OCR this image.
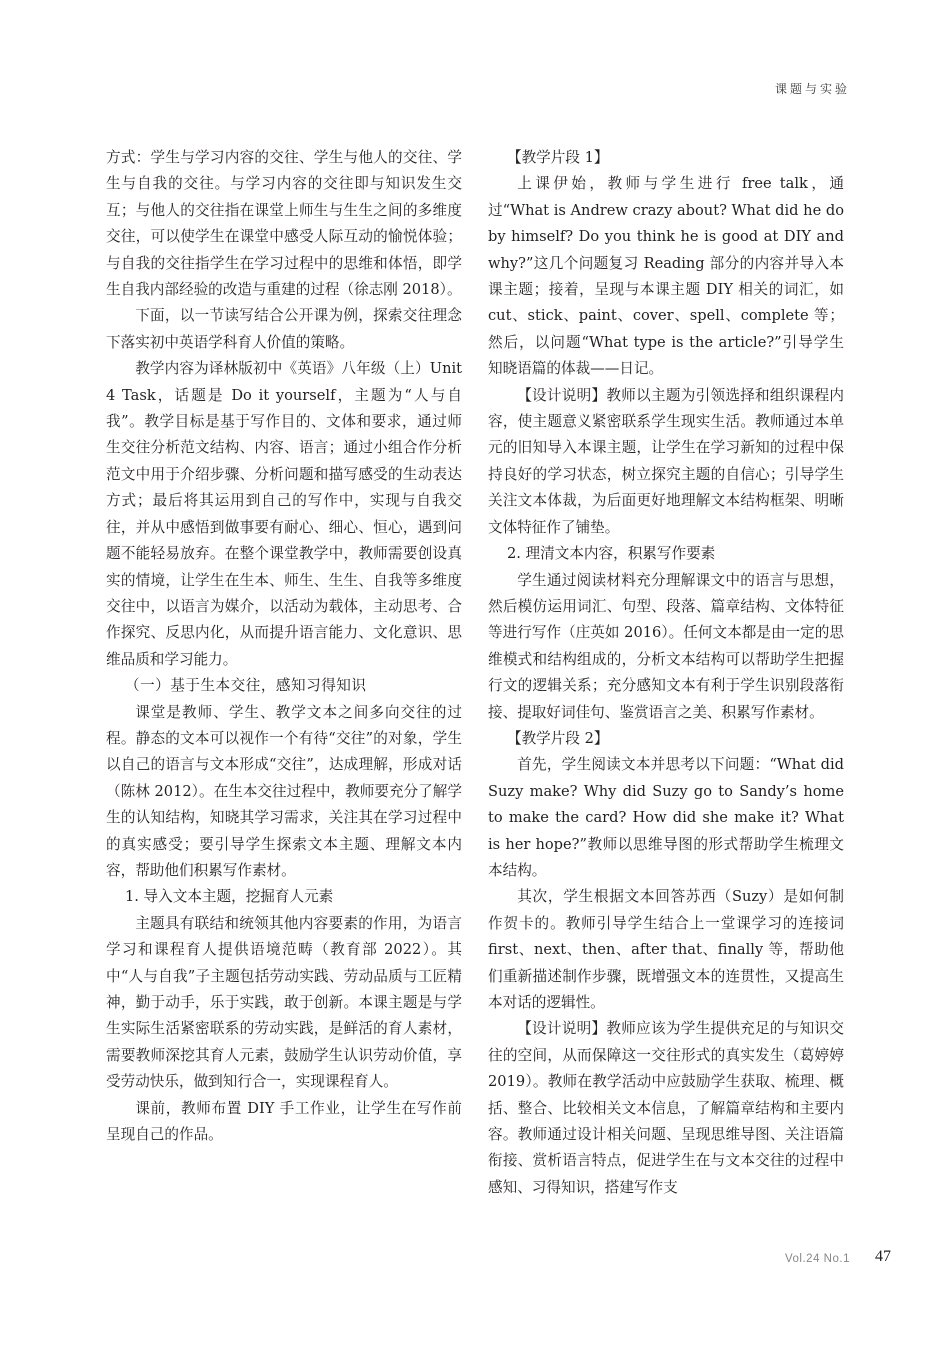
课题与实验

方式：学生与学习内容的交往、学生与他人的交往、学生与自我的交往。与学习内容的交往即与知识发生交互；与他人的交往指在课堂上师生与生生之间的多维度交往，可以使学生在课堂中感受人际互动的愉悦体验；与自我的交往指学生在学习过程中的思维和体悟，即学生自我内部经验的改造与重建的过程（徐志刚 2018）。

下面，以一节读写结合公开课为例，探索交往理念下落实初中英语学科育人价值的策略。

教学内容为译林版初中《英语》八年级（上）Unit 4 Task，话题是 Do it yourself，主题为“人与自我”。教学目标是基于写作目的、文体和要求，通过师生交往分析范文结构、内容、语言；通过小组合作分析范文中用于介绍步骤、分析问题和描写感受的生动表达方式；最后将其运用到自己的写作中，实现与自我交往，并从中感悟到做事要有耐心、细心、恒心，遇到问题不能轻易放弃。在整个课堂教学中，教师需要创设真实的情境，让学生在生本、师生、生生、自我等多维度交往中，以语言为媒介，以活动为载体，主动思考、合作探究、反思内化，从而提升语言能力、文化意识、思维品质和学习能力。

（一）基于生本交往，感知习得知识

课堂是教师、学生、教学文本之间多向交往的过程。静态的文本可以视作一个有待“交往”的对象，学生以自己的语言与文本形成“交往”，达成理解，形成对话（陈林 2012）。在生本交往过程中，教师要充分了解学生的认知结构，知晓其学习需求，关注其在学习过程中的真实感受；要引导学生探索文本主题、理解文本内容，帮助他们积累写作素材。

1. 导入文本主题，挖掘育人元素

主题具有联结和统领其他内容要素的作用，为语言学习和课程育人提供语境范畴（教育部 2022）。其中“人与自我”子主题包括劳动实践、劳动品质与工匠精神，勤于动手，乐于实践，敢于创新。本课主题是与学生实际生活紧密联系的劳动实践，是鲜活的育人素材，需要教师深挖其育人元素，鼓励学生认识劳动价值，享受劳动快乐，做到知行合一，实现课程育人。

课前，教师布置 DIY 手工作业，让学生在写作前呈现自己的作品。

【教学片段 1】

上课伊始，教师与学生进行 free talk，通过“What is Andrew crazy about? What did he do by himself? Do you think he is good at DIY and why?”这几个问题复习 Reading 部分的内容并导入本课主题；接着，呈现与本课主题 DIY 相关的词汇，如 cut、stick、paint、cover、spell、complete 等；然后，以问题“What type is the article?”引导学生知晓语篇的体裁——日记。

【设计说明】教师以主题为引领选择和组织课程内容，使主题意义紧密联系学生现实生活。教师通过本单元的旧知导入本课主题，让学生在学习新知的过程中保持良好的学习状态，树立探究主题的自信心；引导学生关注文本体裁，为后面更好地理解文本结构框架、明晰文体特征作了铺垫。

2. 理清文本内容，积累写作要素

学生通过阅读材料充分理解课文中的语言与思想，然后模仿运用词汇、句型、段落、篇章结构、文体特征等进行写作（庄英如 2016）。任何文本都是由一定的思维模式和结构组成的，分析文本结构可以帮助学生把握行文的逻辑关系；充分感知文本有利于学生识别段落衔接、提取好词佳句、鉴赏语言之美、积累写作素材。

【教学片段 2】

首先，学生阅读文本并思考以下问题：“What did Suzy make? Why did Suzy go to Sandy’s home to make the card? How did she make it? What is her hope?”教师以思维导图的形式帮助学生梳理文本结构。

其次，学生根据文本回答苏西（Suzy）是如何制作贺卡的。教师引导学生结合上一堂课学习的连接词 first、next、then、after that、finally 等，帮助他们重新描述制作步骤，既增强文本的连贯性，又提高生本对话的逻辑性。

【设计说明】教师应该为学生提供充足的与知识交往的空间，从而保障这一交往形式的真实发生（葛婷婷 2019）。教师在教学活动中应鼓励学生获取、梳理、概括、整合、比较相关文本信息，了解篇章结构和主要内容。教师通过设计相关问题、呈现思维导图、关注语篇衔接、赏析语言特点，促进学生在与文本交往的过程中感知、习得知识，搭建写作支

Vol.24 No.1 47
